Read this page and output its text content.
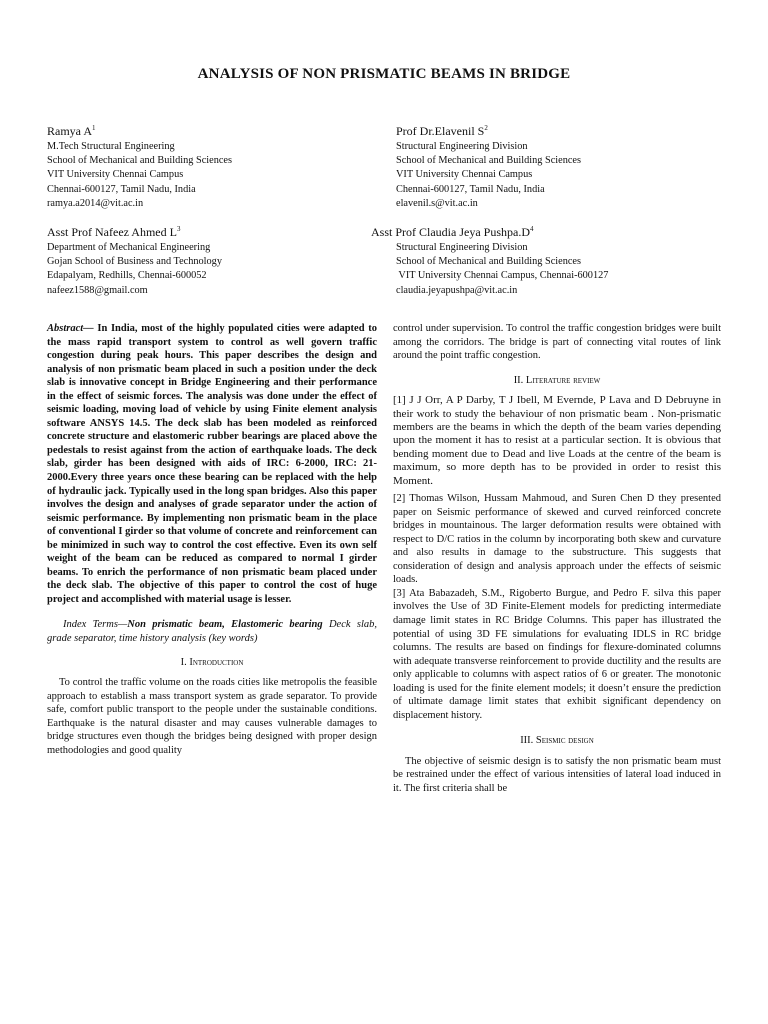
ANALYSIS OF NON PRISMATIC BEAMS IN BRIDGE
Ramya $A^1$
M.Tech Structural Engineering
School of Mechanical and Building Sciences
VIT University Chennai Campus
Chennai-600127, Tamil Nadu, India
ramya.a2014@vit.ac.in
Prof Dr.Elavenil $S^2$
Structural Engineering Division
School of Mechanical and Building Sciences
VIT University Chennai Campus
Chennai-600127, Tamil Nadu, India
elavenil.s@vit.ac.in
Asst Prof Nafeez Ahmed $L^3$
Department of Mechanical Engineering
Gojan School of Business and Technology
Edapalyam, Redhills, Chennai-600052
nafeez1588@gmail.com
Asst Prof Claudia Jeya $Pushpa.D^4$
Structural Engineering Division
School of Mechanical and Building Sciences
VIT University Chennai Campus, Chennai-600127
claudia.jeyapushpa@vit.ac.in

Abstract— In India, most of the highly populated cities were adapted to the mass rapid transport system to control as well govern traffic congestion during peak hours. This paper describes the design and analysis of non prismatic beam placed in such a position under the deck slab is innovative concept in Bridge Engineering and their performance in the effect of seismic forces. The analysis was done under the effect of seismic loading, moving load of vehicle by using Finite element analysis software ANSYS 14.5. The deck slab has been modeled as reinforced concrete structure and elastomeric rubber bearings are placed above the pedestals to resist against from the action of earthquake loads. The deck slab, girder has been designed with aids of IRC: 6-2000, IRC: 21-2000.Every three years once these bearing can be replaced with the help of hydraulic jack. Typically used in the long span bridges. Also this paper involves the design and analyses of grade separator under the action of seismic performance. By implementing non prismatic beam in the place of conventional I girder so that volume of concrete and reinforcement can be minimized in such way to control the cost effective. Even its own self weight of the beam can be reduced as compared to normal I girder beams. To enrich the performance of non prismatic beam placed under the deck slab. The objective of this paper to control the cost of huge project and accomplished with material usage is lesser.

Index Terms—Non prismatic beam, Elastomeric bearing Deck slab, grade separator, time history analysis (key words)

I. Introduction

To control the traffic volume on the roads cities like metropolis the feasible approach to establish a mass transport system as grade separator. To provide safe, comfort public transport to the people under the sustainable conditions. Earthquake is the natural disaster and may causes vulnerable damages to bridge structures even though the bridges being designed with proper design methodologies and good quality

control under supervision. To control the traffic congestion bridges were built among the corridors. The bridge is part of connecting vital routes of link around the point traffic congestion.

II. Literature review

[1] J J Orr, A P Darby, T J Ibell, M Evernde, P Lava and D Debruyne in their work to study the behaviour of non prismatic beam . Non-prismatic members are the beams in which the depth of the beam varies depending upon the moment it has to resist at a particular section. It is obvious that bending moment due to Dead and live Loads at the centre of the beam is maximum, so more depth has to be provided in order to resist this Moment.

[2] Thomas Wilson, Hussam Mahmoud, and Suren Chen D they presented paper on Seismic performance of skewed and curved reinforced concrete bridges in mountainous. The larger deformation results were obtained with respect to D/C ratios in the column by incorporating both skew and curvature and also results in damage to the substructure. This suggests that consideration of design and analysis approach under the effects of seismic loads.

[3] Ata Babazadeh, S.M., Rigoberto Burgue, and Pedro F. silva this paper involves the Use of 3D Finite-Element models for predicting intermediate damage limit states in RC Bridge Columns. This paper has illustrated the potential of using 3D FE simulations for evaluating IDLS in RC bridge columns. The results are based on findings for flexure-dominated columns with adequate transverse reinforcement to provide ductility and the results are only applicable to columns with aspect ratios of 6 or greater. The monotonic loading is used for the finite element models; it doesn’t ensure the prediction of ultimate damage limit states that exhibit significant dependency on displacement history.

III. Seismic design

The objective of seismic design is to satisfy the non prismatic beam must be restrained under the effect of various intensities of lateral load induced in it. The first criteria shall be
